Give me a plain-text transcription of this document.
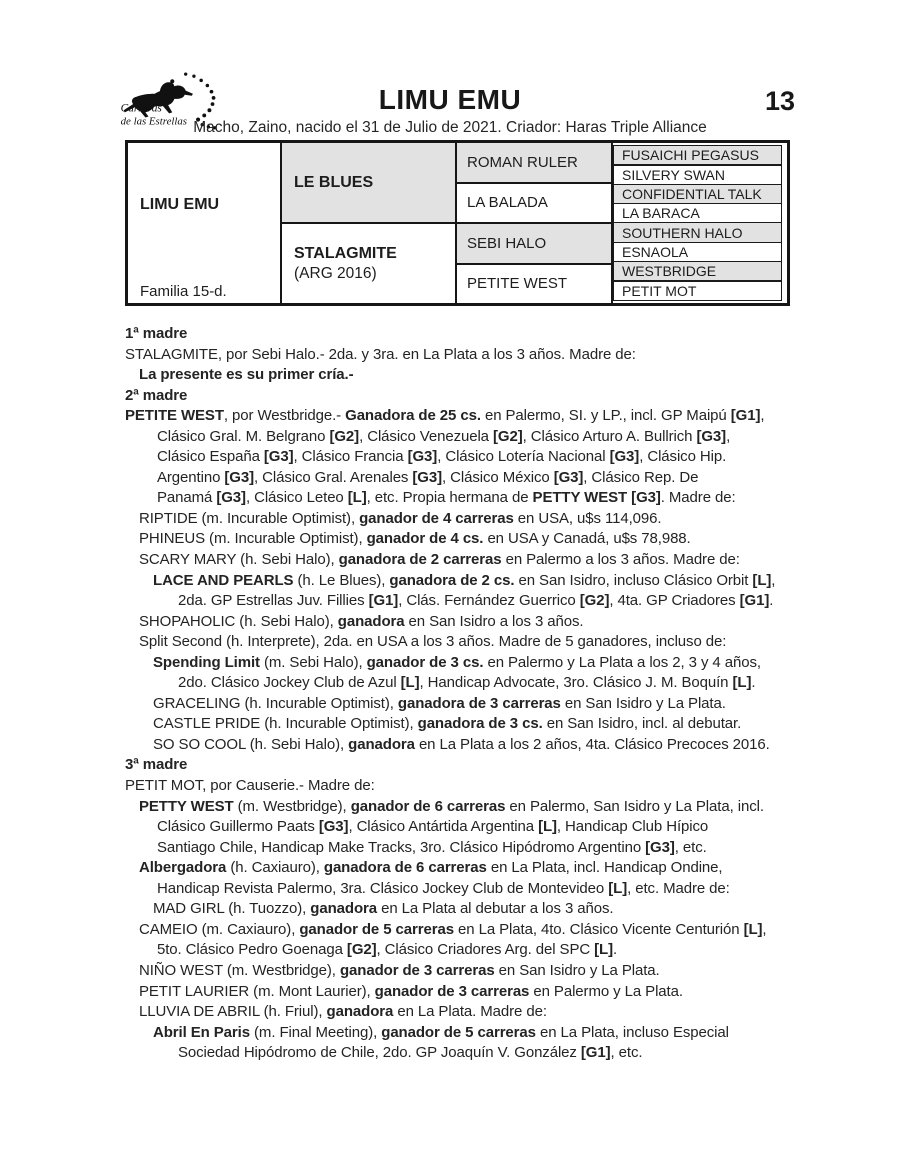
Carreras
de las Estrellas
LIMU EMU	13
Macho, Zaino, nacido el 31 de Julio de 2021. Criador: Haras Triple Alliance
LIMU EMU
Familia 15-d.
LE BLUES
STALAGMITE
(ARG 2016)
ROMAN RULER
LA BALADA
SEBI HALO
PETITE WEST
FUSAICHI PEGASUS
SILVERY SWAN
CONFIDENTIAL TALK
LA BARACA
SOUTHERN HALO
ESNAOLA
WESTBRIDGE
PETIT MOT
1ª madre
STALAGMITE, por Sebi Halo.- 2da. y 3ra. en La Plata a los 3 años. Madre de:
La presente es su primer cría.-
2ª madre
PETITE WEST, por Westbridge.- Ganadora de 25 cs. en Palermo, SI. y LP., incl. GP Maipú [G1],
Clásico Gral. M. Belgrano [G2], Clásico Venezuela [G2], Clásico Arturo A. Bullrich [G3],
Clásico España [G3], Clásico Francia [G3], Clásico Lotería Nacional [G3], Clásico Hip.
Argentino [G3], Clásico Gral. Arenales [G3], Clásico México [G3], Clásico Rep. De
Panamá [G3], Clásico Leteo [L], etc. Propia hermana de PETTY WEST [G3]. Madre de:
RIPTIDE (m. Incurable Optimist), ganador de 4 carreras en USA, u$s 114,096.
PHINEUS (m. Incurable Optimist), ganador de 4 cs. en USA y Canadá, u$s 78,988.
SCARY MARY (h. Sebi Halo), ganadora de 2 carreras en Palermo a los 3 años. Madre de:
LACE AND PEARLS (h. Le Blues), ganadora de 2 cs. en San Isidro, incluso Clásico Orbit [L],
2da. GP Estrellas Juv. Fillies [G1], Clás. Fernández Guerrico [G2], 4ta. GP Criadores [G1].
SHOPAHOLIC (h. Sebi Halo), ganadora en San Isidro a los 3 años.
Split Second (h. Interprete), 2da. en USA a los 3 años. Madre de 5 ganadores, incluso de:
Spending Limit (m. Sebi Halo), ganador de 3 cs. en Palermo y La Plata a los 2, 3 y 4 años,
2do. Clásico Jockey Club de Azul [L], Handicap Advocate, 3ro. Clásico J. M. Boquín [L].
GRACELING (h. Incurable Optimist), ganadora de 3 carreras en San Isidro y La Plata.
CASTLE PRIDE (h. Incurable Optimist), ganadora de 3 cs. en San Isidro, incl. al debutar.
SO SO COOL (h. Sebi Halo), ganadora en La Plata a los 2 años, 4ta. Clásico Precoces 2016.
3ª madre
PETIT MOT, por Causerie.- Madre de:
PETTY WEST (m. Westbridge), ganador de 6 carreras en Palermo, San Isidro y La Plata, incl.
Clásico Guillermo Paats [G3], Clásico Antártida Argentina [L], Handicap Club Hípico
Santiago Chile, Handicap Make Tracks, 3ro. Clásico Hipódromo Argentino [G3], etc.
Albergadora (h. Caxiauro), ganadora de 6 carreras en La Plata, incl. Handicap Ondine,
Handicap Revista Palermo, 3ra. Clásico Jockey Club de Montevideo [L], etc. Madre de:
MAD GIRL (h. Tuozzo), ganadora en La Plata al debutar a los 3 años.
CAMEIO (m. Caxiauro), ganador de 5 carreras en La Plata, 4to. Clásico Vicente Centurión [L],
5to. Clásico Pedro Goenaga [G2], Clásico Criadores Arg. del SPC [L].
NIÑO WEST (m. Westbridge), ganador de 3 carreras en San Isidro y La Plata.
PETIT LAURIER (m. Mont Laurier), ganador de 3 carreras en Palermo y La Plata.
LLUVIA DE ABRIL (h. Friul), ganadora en La Plata. Madre de:
Abril En Paris (m. Final Meeting), ganador de 5 carreras en La Plata, incluso Especial
Sociedad Hipódromo de Chile, 2do. GP Joaquín V. González [G1], etc.
